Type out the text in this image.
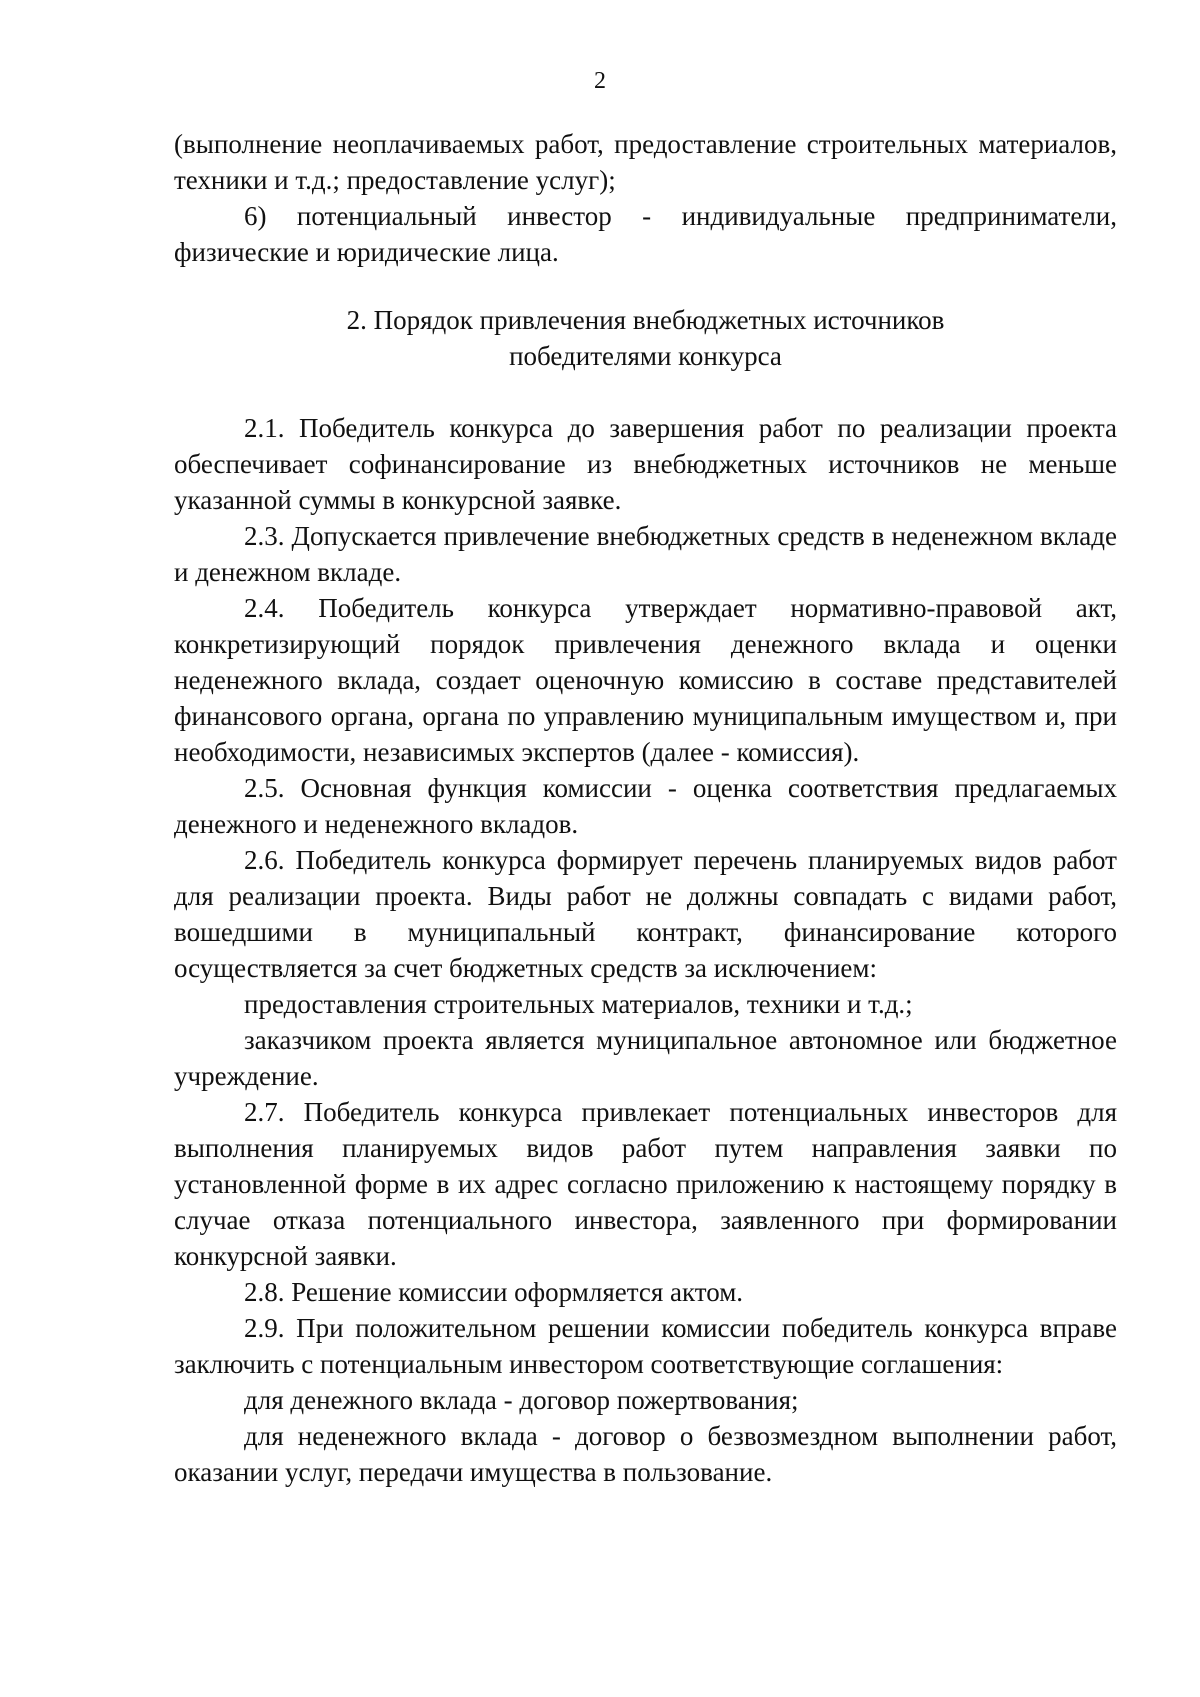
2

(выполнение неоплачиваемых работ, предоставление строительных материалов, техники и т.д.; предоставление услуг);

6) потенциальный инвестор - индивидуальные предприниматели, физические и юридические лица.

2. Порядок привлечения внебюджетных источников
победителями конкурса

2.1. Победитель конкурса до завершения работ по реализации проекта обеспечивает софинансирование из внебюджетных источников не меньше указанной суммы в конкурсной заявке.

2.3. Допускается привлечение внебюджетных средств в неденежном вкладе и денежном вкладе.

2.4. Победитель конкурса утверждает нормативно-правовой акт, конкретизирующий порядок привлечения денежного вклада и оценки неденежного вклада, создает оценочную комиссию в составе представителей финансового органа, органа по управлению муниципальным имуществом и, при необходимости, независимых экспертов (далее - комиссия).

2.5. Основная функция комиссии - оценка соответствия предлагаемых денежного и неденежного вкладов.

2.6. Победитель конкурса формирует перечень планируемых видов работ для реализации проекта. Виды работ не должны совпадать с видами работ, вошедшими в муниципальный контракт, финансирование которого осуществляется за счет бюджетных средств за исключением:

предоставления строительных материалов, техники и т.д.;

заказчиком проекта является муниципальное автономное или бюджетное учреждение.

2.7. Победитель конкурса привлекает потенциальных инвесторов для выполнения планируемых видов работ путем направления заявки по установленной форме в их адрес согласно приложению к настоящему порядку в случае отказа потенциального инвестора, заявленного при формировании конкурсной заявки.

2.8. Решение комиссии оформляется актом.

2.9. При положительном решении комиссии победитель конкурса вправе заключить с потенциальным инвестором соответствующие соглашения:

для денежного вклада - договор пожертвования;

для неденежного вклада - договор о безвозмездном выполнении работ, оказании услуг, передачи имущества в пользование.
